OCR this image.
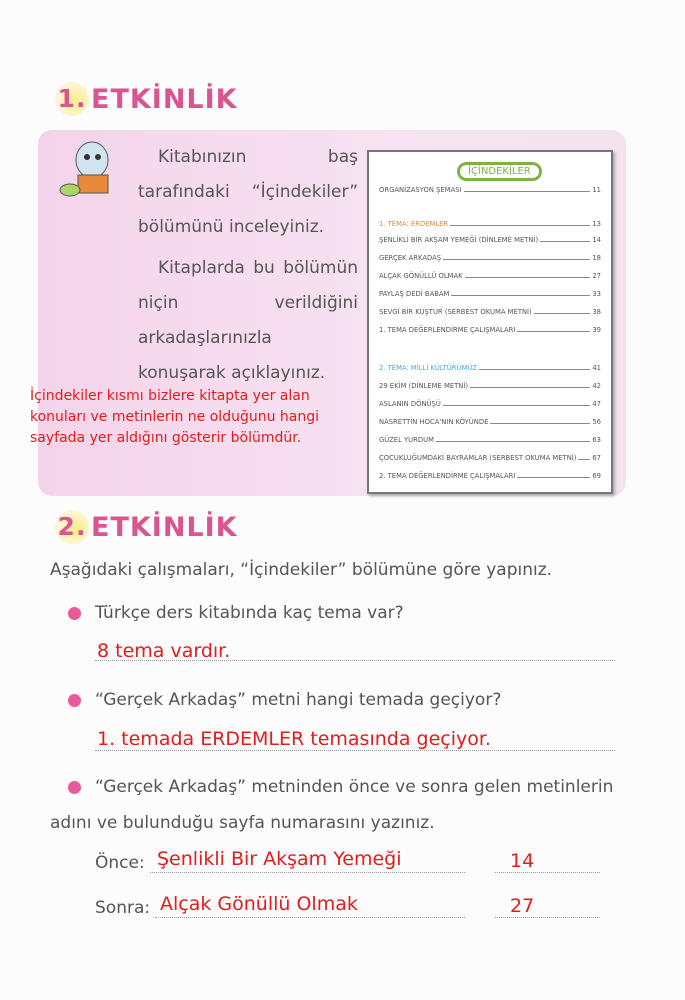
1. ETKİNLİK

Kitabınızın baş tarafındaki “İçindekiler” bölümünü inceleyiniz.

Kitaplarda bu bölümün niçin verildiğini arkadaşlarınızla konuşarak açıklayınız.

İçindekiler kısmı bizlere kitapta yer alan konuları ve metinlerin ne olduğunu hangi sayfada yer aldığını gösterir bölümdür.
İÇİNDEKİLER
ORGANİZASYON ŞEMASI	11
1. TEMA: ERDEMLER	13
ŞENLİKLİ BİR AKŞAM YEMEĞİ (DİNLEME METNİ)	14
GERÇEK ARKADAŞ	18
ALÇAK GÖNÜLLÜ OLMAK	27
PAYLAŞ DEDİ BABAM	33
SEVGİ BİR KUŞTUR (SERBEST OKUMA METNİ)	38
1. TEMA DEĞERLENDİRME ÇALIŞMALARI	39
2. TEMA: MİLLİ KÜLTÜRÜMÜZ	41
29 EKİM (DİNLEME METNİ)	42
ASLANIN DÖNÜŞÜ	47
NASRETTİN HOCA'NIN KÖYÜNDE	56
GÜZEL YURDUM	63
ÇOCUKLUĞUMDAKİ BAYRAMLAR (SERBEST OKUMA METNİ) 67
2. TEMA DEĞERLENDİRME ÇALIŞMALARI	69
2. ETKİNLİK
Aşağıdaki çalışmaları, “İçindekiler” bölümüne göre yapınız.
Türkçe ders kitabında kaç tema var?
8 tema vardır.
“Gerçek Arkadaş” metni hangi temada geçiyor?
1. temada ERDEMLER temasında geçiyor.
“Gerçek Arkadaş” metninden önce ve sonra gelen metinlerin
adını ve bulunduğu sayfa numarasını yazınız.
Önce: Şenlikli Bir Akşam Yemeği	14
Sonra: Alçak Gönüllü Olmak	27
